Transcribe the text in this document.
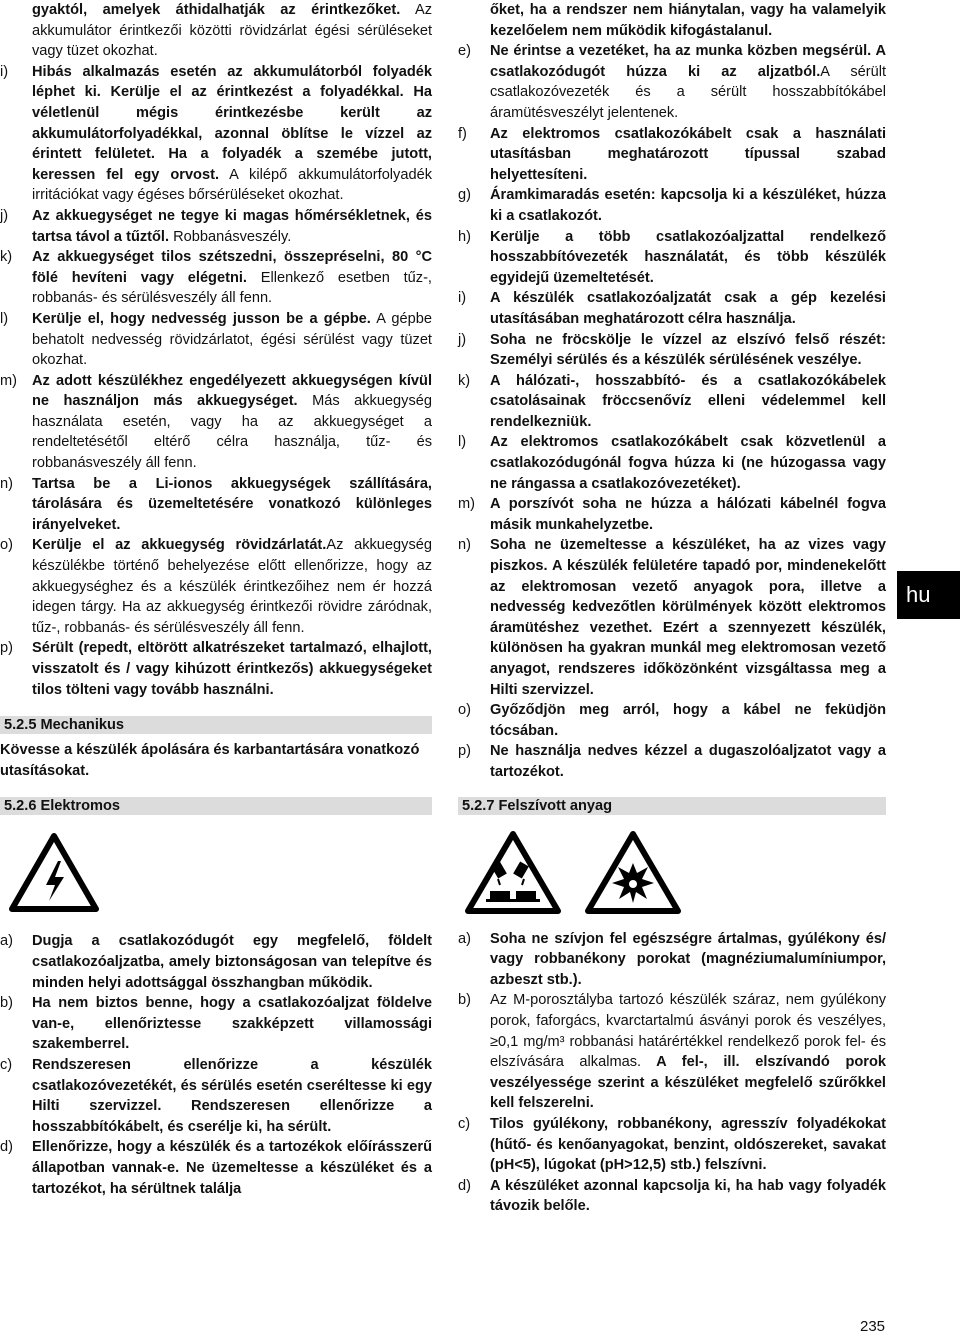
gyaktól, amelyek áthidalhatják az érintkezőket. Az akkumulátor érintkezői közötti rövidzárlat égési sérüléseket vagy tüzet okozhat.

i)	Hibás alkalmazás esetén az akkumulátorból folyadék léphet ki. Kerülje el az érintkezést a folyadékkal. Ha véletlenül mégis érintkezésbe került az akkumulátorfolyadékkal, azonnal öblítse le vízzel az érintett felületet. Ha a folyadék a szemébe jutott, keressen fel egy orvost. A kilépő akkumulátorfolyadék irritációkat vagy égéses bőrsérüléseket okozhat.
j)	Az akkuegységet ne tegye ki magas hőmérsékletnek, és tartsa távol a tűztől. Robbanásveszély.
k)	Az akkuegységet tilos szétszedni, összepréselni, 80 °C fölé hevíteni vagy elégetni. Ellenkező esetben tűz-, robbanás- és sérülésveszély áll fenn.
l)	Kerülje el, hogy nedvesség jusson be a gépbe. A gépbe behatolt nedvesség rövidzárlatot, égési sérülést vagy tüzet okozhat.
m)	Az adott készülékhez engedélyezett akkuegységen kívül ne használjon más akkuegységet. Más akkuegység használata esetén, vagy ha az akkuegységet a rendeltetésétől eltérő célra használja, tűz- és robbanásveszély áll fenn.
n)	Tartsa be a Li-ionos akkuegységek szállítására, tárolására és üzemeltetésére vonatkozó különleges irányelveket.
o)	Kerülje el az akkuegység rövidzárlatát.Az akkuegység készülékbe történő behelyezése előtt ellenőrizze, hogy az akkuegységhez és a készülék érintkezőihez nem ér hozzá idegen tárgy. Ha az akkuegység érintkezői rövidre záródnak, tűz-, robbanás- és sérülésveszély áll fenn.
p)	Sérült (repedt, eltörött alkatrészeket tartalmazó, elhajlott, visszatolt és / vagy kihúzott érintkezős) akkuegységeket tilos tölteni vagy tovább használni.
5.2.5 Mechanikus

Kövesse a készülék ápolására és karbantartására vonatkozó utasításokat.

5.2.6 Elektromos
a)	Dugja a csatlakozódugót egy megfelelő, földelt csatlakozóaljzatba, amely biztonságosan van telepítve és minden helyi adottsággal összhangban működik.
b)	Ha nem biztos benne, hogy a csatlakozóaljzat földelve van-e, ellenőriztesse szakképzett villamossági szakemberrel.
c)	Rendszeresen ellenőrizze a készülék csatlakozóvezetékét, és sérülés esetén cseréltesse ki egy Hilti szervizzel. Rendszeresen ellenőrizze a hosszabbítókábelt, és cserélje ki, ha sérült.
d)	Ellenőrizze, hogy a készülék és a tartozékok előírásszerű állapotban vannak-e. Ne üzemeltesse a készüléket és a tartozékot, ha sérültnek találja

őket, ha a rendszer nem hiánytalan, vagy ha valamelyik kezelőelem nem működik kifogástalanul.

e)	Ne érintse a vezetéket, ha az munka közben megsérül. A csatlakozódugót húzza ki az aljzatból.A sérült csatlakozóvezeték és a sérült hosszabbítókábel áramütésveszélyt jelentenek.
f)	Az elektromos csatlakozókábelt csak a használati utasításban meghatározott típussal szabad helyettesíteni.
g)	Áramkimaradás esetén: kapcsolja ki a készüléket, húzza ki a csatlakozót.
h)	Kerülje a több csatlakozóaljzattal rendelkező hosszabbítóvezeték használatát, és több készülék egyidejű üzemeltetését.
i)	A készülék csatlakozóaljzatát csak a gép kezelési utasításában meghatározott célra használja.
j)	Soha ne fröcskölje le vízzel az elszívó felső részét: Személyi sérülés és a készülék sérülésének veszélye.
k)	A hálózati-, hosszabbító- és a csatlakozókábelek csatolásainak fröccsenővíz elleni védelemmel kell rendelkezniük.
l)	Az elektromos csatlakozókábelt csak közvetlenül a csatlakozódugónál fogva húzza ki (ne húzogassa vagy ne rángassa a csatlakozóvezetéket).
m)	A porszívót soha ne húzza a hálózati kábelnél fogva másik munkahelyzetbe.
n)	Soha ne üzemeltesse a készüléket, ha az vizes vagy piszkos. A készülék felületére tapadó por, mindenekelőtt az elektromosan vezető anyagok pora, illetve a nedvesség kedvezőtlen körülmények között elektromos áramütéshez vezethet. Ezért a szennyezett készülék, különösen ha gyakran munkál meg elektromosan vezető anyagot, rendszeres időközönként vizsgáltassa meg a Hilti szervizzel.
o)	Győződjön meg arról, hogy a kábel ne feküdjön tócsában.
p)	Ne használja nedves kézzel a dugaszolóaljzatot vagy a tartozékot.
5.2.7 Felszívott anyag
a)	Soha ne szívjon fel egészségre ártalmas, gyúlékony és/ vagy robbanékony porokat (magnéziumalumíniumpor, azbeszt stb.).
b)	Az M-porosztályba tartozó készülék száraz, nem gyúlékony porok, faforgács, kvarctartalmú ásványi porok és veszélyes, ≥0,1 mg/m³ robbanási határértékkel rendelkező porok fel- és elszívására alkalmas. A fel-, ill. elszívandó porok veszélyessége szerint a készüléket megfelelő szűrőkkel kell felszerelni.
c)	Tilos gyúlékony, robbanékony, agresszív folyadékokat (hűtő- és kenőanyagokat, benzint, oldószereket, savakat (pH<5), lúgokat (pH>12,5) stb.) felszívni.
d)	A készüléket azonnal kapcsolja ki, ha hab vagy folyadék távozik belőle.
hu
235
